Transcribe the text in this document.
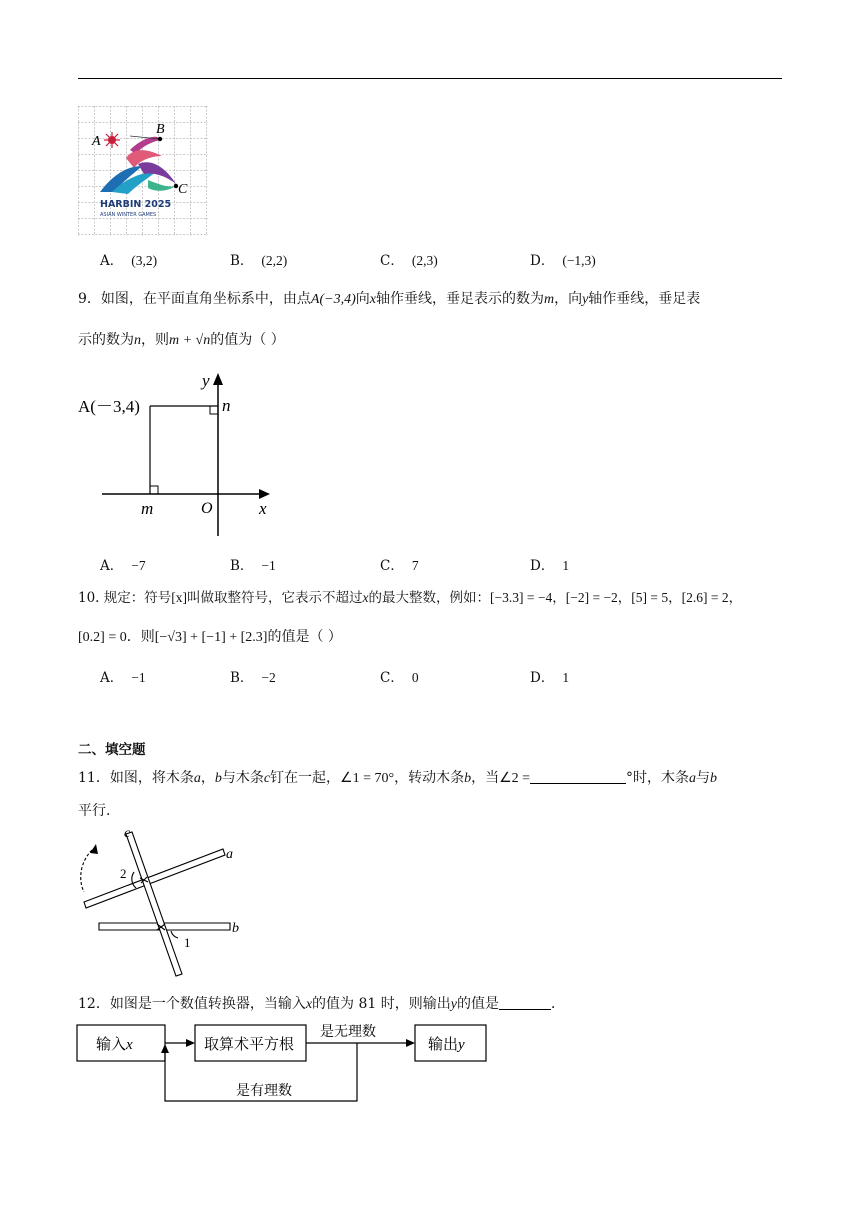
A
B
C
HARBIN 2025
ASIAN WINTER GAMES
A． (3,2)	B． (2,2)	C． (2,3)	D． (−1,3)
9．如图，在平面直角坐标系中，由点A(−3,4)向x轴作垂线，垂足表示的数为m，向y轴作垂线，垂足表
示的数为n，则m + √n的值为（ ）
A(－3,4)
y
x
O
m
n
A． −7	B． −1	C． 7	D． 1
10. 规定：符号[x]叫做取整符号，它表示不超过x的最大整数，例如：[−3.3] = −4，[−2] = −2，[5] = 5，[2.6] = 2，
[0.2] = 0．则[−√3] + [−1] + [2.3]的值是（ ）
A． −1	B． −2	C． 0	D． 1
二、填空题
11．如图，将木条a，b与木条c钉在一起，∠1 = 70°，转动木条b，当∠2 =	°时，木条a与b
平行．
c
a
b
1
2
12．如图是一个数值转换器，当输入x的值为 81 时，则输出y的值是	．
输入x	取算术平方根
是无理数
是有理数
输出y
